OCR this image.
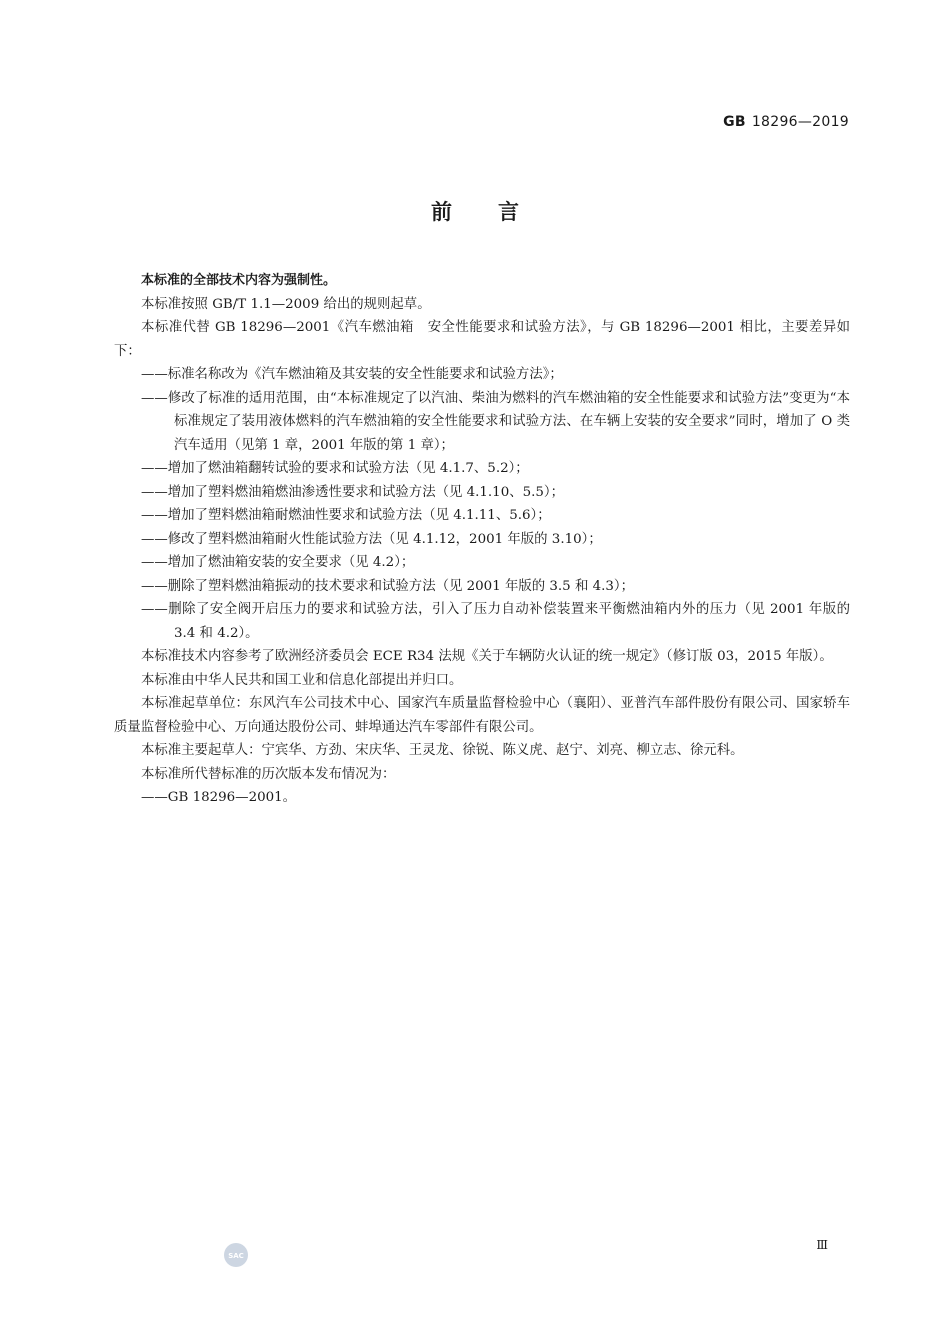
GB 18296—2019
前言

本标准的全部技术内容为强制性。

本标准按照 GB/T 1.1—2009 给出的规则起草。

本标准代替 GB 18296—2001《汽车燃油箱　安全性能要求和试验方法》，与 GB 18296—2001 相比，主要差异如下：

——标准名称改为《汽车燃油箱及其安装的安全性能要求和试验方法》；

——修改了标准的适用范围，由“本标准规定了以汽油、柴油为燃料的汽车燃油箱的安全性能要求和试验方法”变更为“本标准规定了装用液体燃料的汽车燃油箱的安全性能要求和试验方法、在车辆上安装的安全要求”同时，增加了 O 类汽车适用（见第 1 章，2001 年版的第 1 章）；

——增加了燃油箱翻转试验的要求和试验方法（见 4.1.7、5.2）；

——增加了塑料燃油箱燃油渗透性要求和试验方法（见 4.1.10、5.5）；

——增加了塑料燃油箱耐燃油性要求和试验方法（见 4.1.11、5.6）；

——修改了塑料燃油箱耐火性能试验方法（见 4.1.12，2001 年版的 3.10）；

——增加了燃油箱安装的安全要求（见 4.2）；

——删除了塑料燃油箱振动的技术要求和试验方法（见 2001 年版的 3.5 和 4.3）；

——删除了安全阀开启压力的要求和试验方法，引入了压力自动补偿装置来平衡燃油箱内外的压力（见 2001 年版的 3.4 和 4.2）。

本标准技术内容参考了欧洲经济委员会 ECE R34 法规《关于车辆防火认证的统一规定》（修订版 03，2015 年版）。

本标准由中华人民共和国工业和信息化部提出并归口。

本标准起草单位：东风汽车公司技术中心、国家汽车质量监督检验中心（襄阳）、亚普汽车部件股份有限公司、国家轿车质量监督检验中心、万向通达股份公司、蚌埠通达汽车零部件有限公司。

本标准主要起草人：宁宾华、方劲、宋庆华、王灵龙、徐锐、陈义虎、赵宁、刘亮、柳立志、徐元科。

本标准所代替标准的历次版本发布情况为：

——GB 18296—2001。

SAC
Ⅲ
